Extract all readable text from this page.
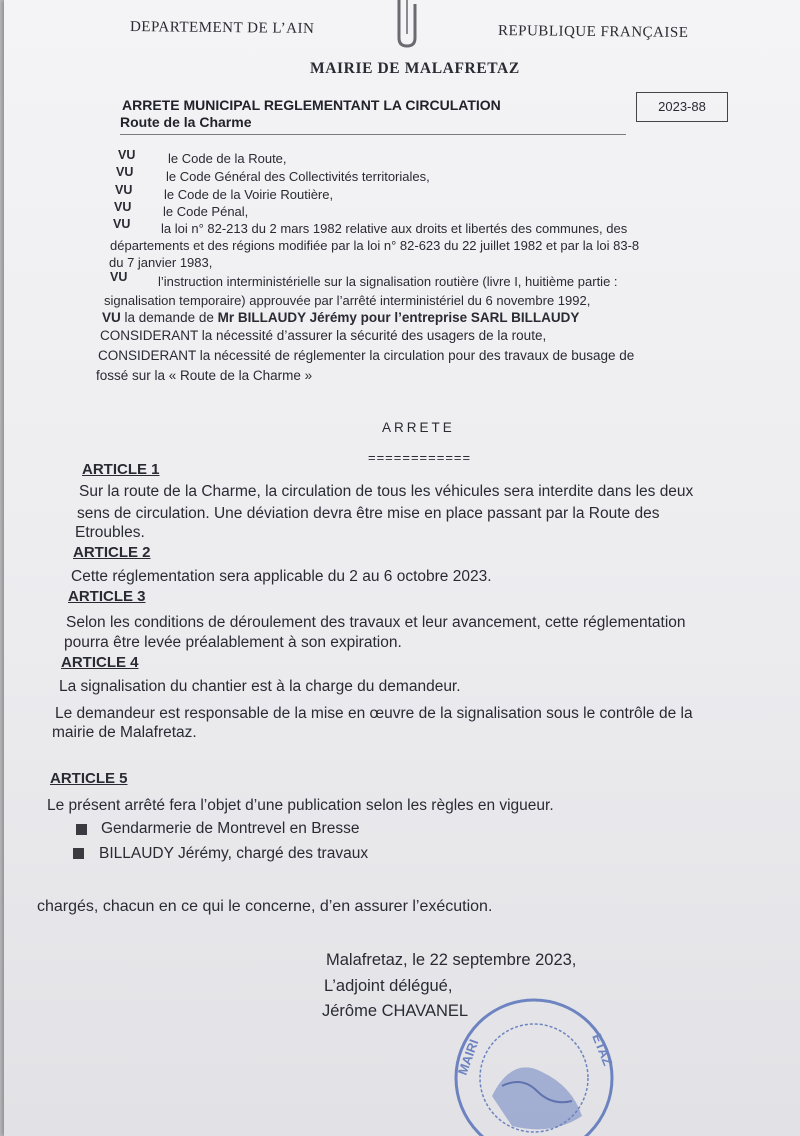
DEPARTEMENT DE L’AIN	REPUBLIQUE FRANÇAISE
MAIRIE DE MALAFRETAZ
ARRETE MUNICIPAL REGLEMENTANT LA CIRCULATION
Route de la Charme
2023-88
VU	le Code de la Route,
VU	le Code Général des Collectivités territoriales,
VU le Code de la Voirie Routière,
VU le Code Pénal,
VU la loi n° 82-213 du 2 mars 1982 relative aux droits et libertés des communes, des
départements et des régions modifiée par la loi n° 82-623 du 22 juillet 1982 et par la loi 83-8
du 7 janvier 1983,
VU l’instruction interministérielle sur la signalisation routière (livre I, huitième partie :
signalisation temporaire) approuvée par l’arrêté interministériel du 6 novembre 1992,
VU la demande de Mr BILLAUDY Jérémy pour l’entreprise SARL BILLAUDY
CONSIDERANT la nécessité d’assurer la sécurité des usagers de la route,
CONSIDERANT la nécessité de réglementer la circulation pour des travaux de busage de
fossé sur la « Route de la Charme »
ARRETE
============
ARTICLE 1
Sur la route de la Charme, la circulation de tous les véhicules sera interdite dans les deux
sens de circulation. Une déviation devra être mise en place passant par la Route des
Etroubles.
ARTICLE 2
Cette réglementation sera applicable du 2 au 6 octobre 2023.
ARTICLE 3
Selon les conditions de déroulement des travaux et leur avancement, cette réglementation
pourra être levée préalablement à son expiration.
ARTICLE 4
La signalisation du chantier est à la charge du demandeur.
Le demandeur est responsable de la mise en œuvre de la signalisation sous le contrôle de la
mairie de Malafretaz.
ARTICLE 5
Le présent arrêté fera l’objet d’une publication selon les règles en vigueur.
Gendarmerie de Montrevel en Bresse
BILLAUDY Jérémy, chargé des travaux
chargés, chacun en ce qui le concerne, d’en assurer l’exécution.
Malafretaz, le 22 septembre 2023,
L’adjoint délégué,
Jérôme CHAVANEL
MAIRI	ETAZ
